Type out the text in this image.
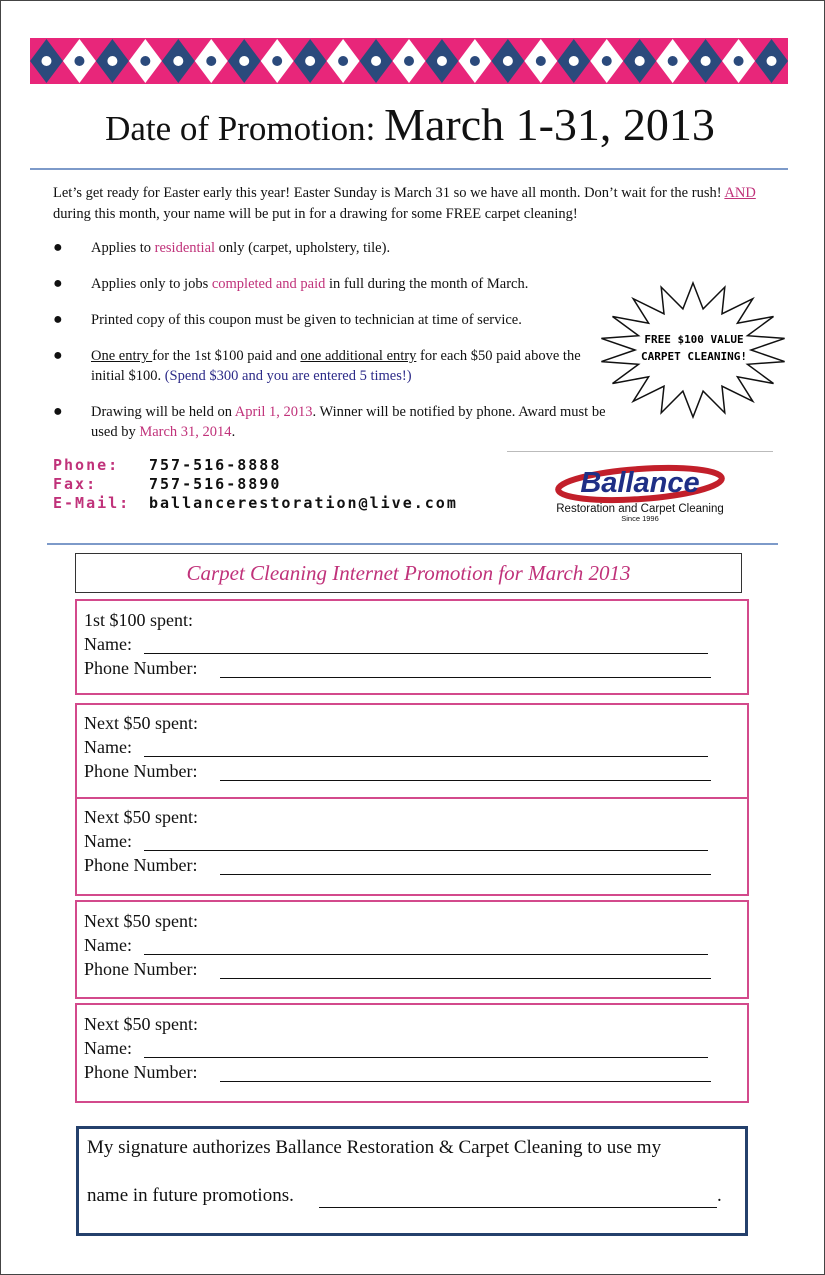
Date of Promotion: March 1-31, 2013
Let’s get ready for Easter early this year! Easter Sunday is March 31 so we have all month. Don’t wait for the rush! AND during this month, your name will be put in for a drawing for some FREE carpet cleaning!
● Applies to residential only (carpet, upholstery, tile).
● Applies only to jobs completed and paid in full during the month of March.
● Printed copy of this coupon must be given to technician at time of service.
● One entry for the 1st $100 paid and one additional entry for each $50 paid above the initial $100. (Spend $300 and you are entered 5 times!)
● Drawing will be held on April 1, 2013. Winner will be notified by phone. Award must be used by March 31, 2014.
FREE $100 VALUE
CARPET CLEANING!
Phone:	757-516-8888
Fax:	757-516-8890
E-Mail:	ballancerestoration@live.com
Ballance
Restoration and Carpet Cleaning
Since 1996
Carpet Cleaning Internet Promotion for March 2013
1st $100 spent:
Name:
Phone Number:
Next $50 spent:
Name:
Phone Number:
Next $50 spent:
Name:
Phone Number:
Next $50 spent:
Name:
Phone Number:
Next $50 spent:
Name:
Phone Number:
My signature authorizes Ballance Restoration & Carpet Cleaning to use my
name in future promotions.	.
